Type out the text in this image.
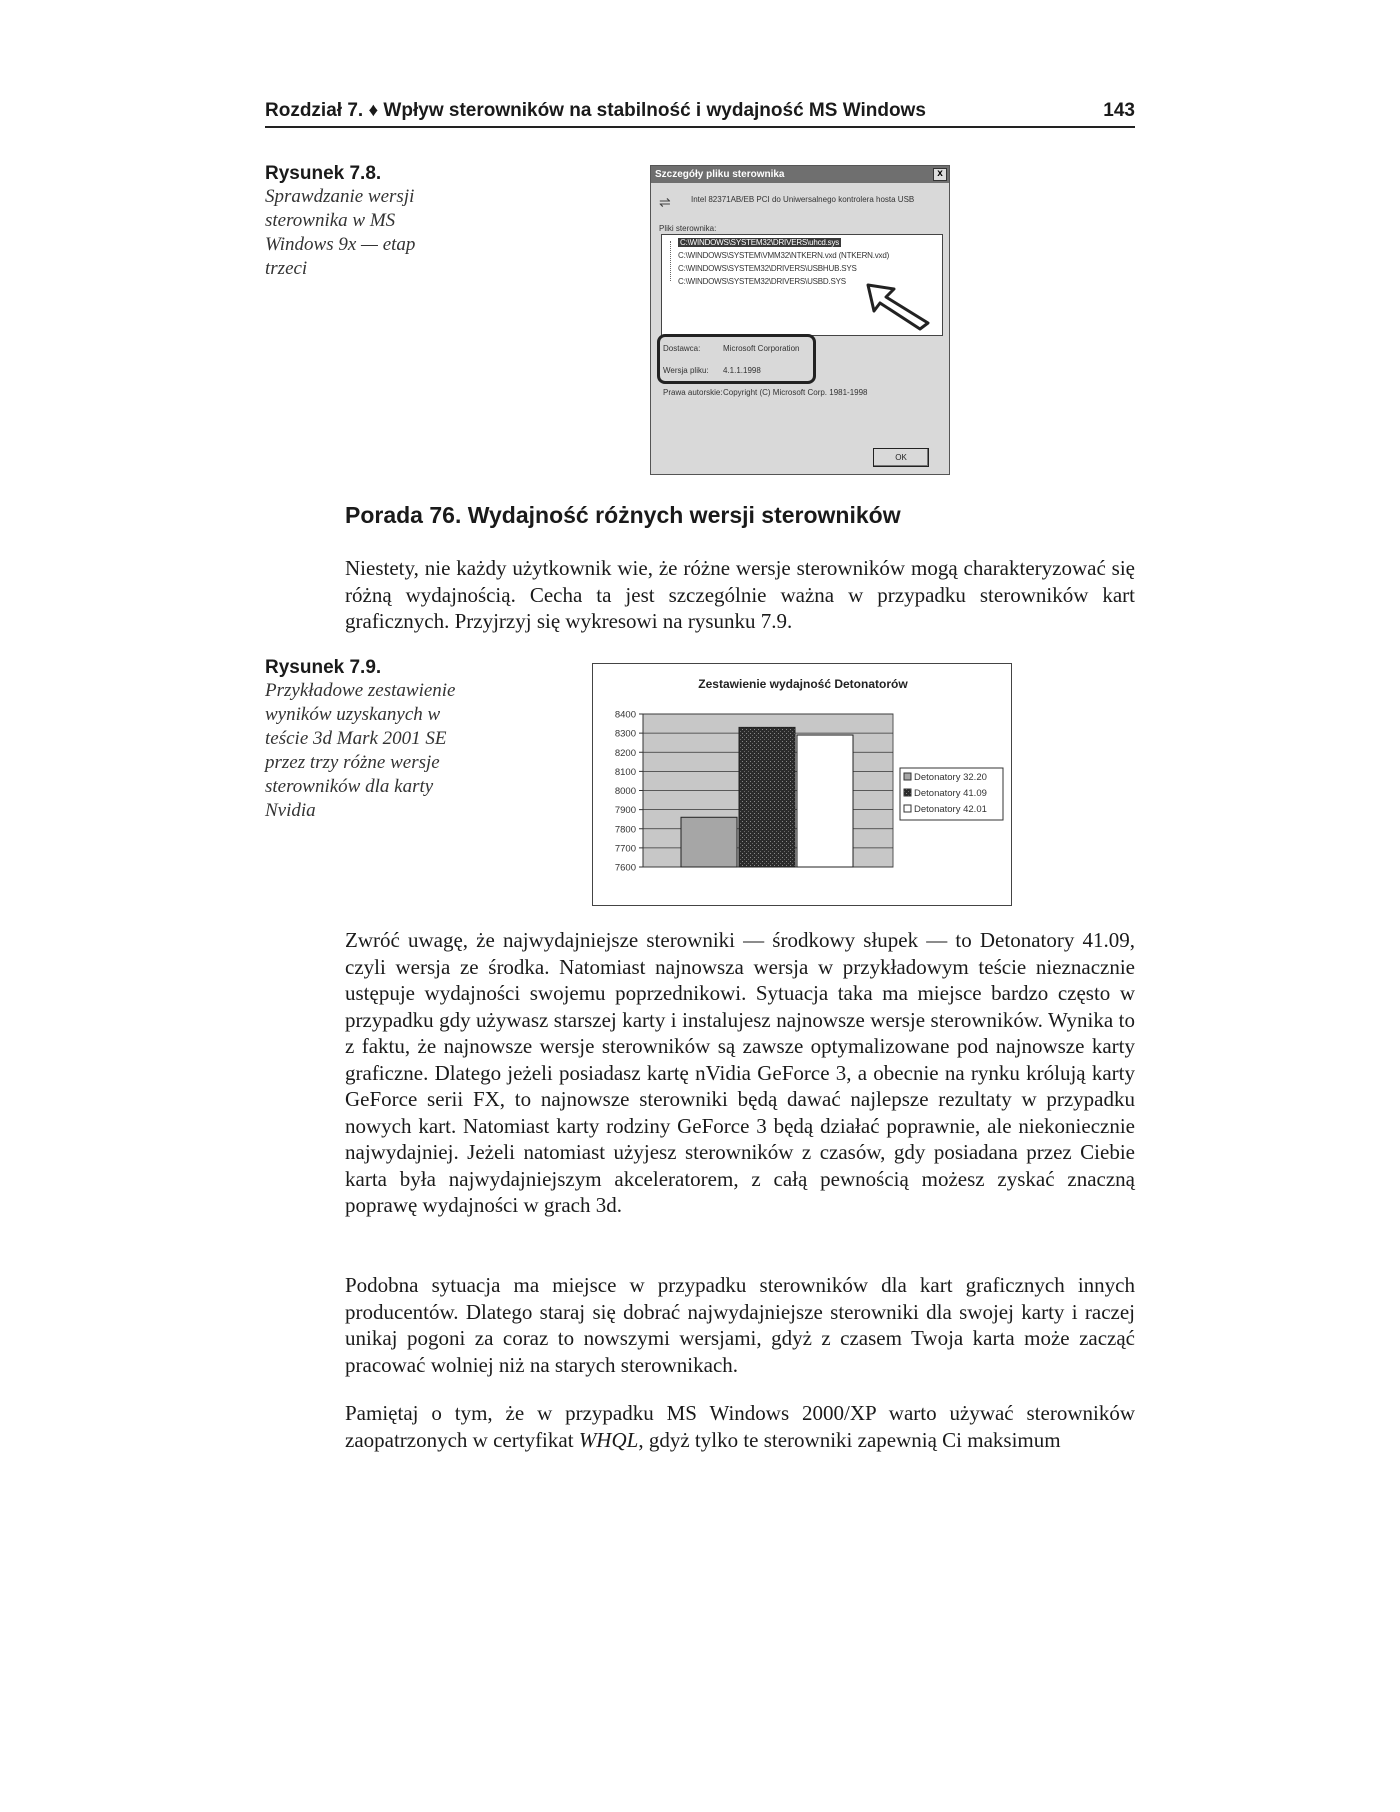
Rozdział 7. ♦ Wpływ sterowników na stabilność i wydajność MS Windows	143
Rysunek 7.8.
Sprawdzanie wersji sterownika w MS Windows 9x — etap trzeci
Szczegóły pliku sterownika	x
⇌	Intel 82371AB/EB PCI do Uniwersalnego kontrolera hosta USB
Pliki sterownika:
C:\WINDOWS\SYSTEM32\DRIVERS\uhcd.sys
C:\WINDOWS\SYSTEM\VMM32\NTKERN.vxd (NTKERN.vxd)
C:\WINDOWS\SYSTEM32\DRIVERS\USBHUB.SYS
C:\WINDOWS\SYSTEM32\DRIVERS\USBD.SYS
Dostawca:	Microsoft Corporation
Wersja pliku: 4.1.1.1998
Prawa autorskie: Copyright (C) Microsoft Corp. 1981-1998
OK
Porada 76. Wydajność różnych wersji sterowników
Niestety, nie każdy użytkownik wie, że różne wersje sterowników mogą charakteryzować się różną wydajnością. Cecha ta jest szczególnie ważna w przypadku sterowników kart graficznych. Przyjrzyj się wykresowi na rysunku 7.9.
Rysunek 7.9.
Przykładowe zestawienie wyników uzyskanych w teście 3d Mark 2001 SE przez trzy różne wersje sterowników dla karty Nvidia
Zestawienie wydajność Detonatorów
8400
8300
8200
8100
8000
7900
7800
7700
7600
Detonatory 32.20
Detonatory 41.09
Detonatory 42.01
Zwróć uwagę, że najwydajniejsze sterowniki — środkowy słupek — to Detonatory 41.09, czyli wersja ze środka. Natomiast najnowsza wersja w przykładowym teście nieznacznie ustępuje wydajności swojemu poprzednikowi. Sytuacja taka ma miejsce bardzo często w przypadku gdy używasz starszej karty i instalujesz najnowsze wersje sterowników. Wynika to z faktu, że najnowsze wersje sterowników są zawsze optymalizowane pod najnowsze karty graficzne. Dlatego jeżeli posiadasz kartę nVidia GeForce 3, a obecnie na rynku królują karty GeForce serii FX, to najnowsze sterowniki będą dawać najlepsze rezultaty w przypadku nowych kart. Natomiast karty rodziny GeForce 3 będą działać poprawnie, ale niekoniecznie najwydajniej. Jeżeli natomiast użyjesz sterowników z czasów, gdy posiadana przez Ciebie karta była najwydajniejszym akceleratorem, z całą pewnością możesz zyskać znaczną poprawę wydajności w grach 3d.
Podobna sytuacja ma miejsce w przypadku sterowników dla kart graficznych innych producentów. Dlatego staraj się dobrać najwydajniejsze sterowniki dla swojej karty i raczej unikaj pogoni za coraz to nowszymi wersjami, gdyż z czasem Twoja karta może zacząć pracować wolniej niż na starych sterownikach.
Pamiętaj o tym, że w przypadku MS Windows 2000/XP warto używać sterowników zaopatrzonych w certyfikat WHQL, gdyż tylko te sterowniki zapewnią Ci maksimum
